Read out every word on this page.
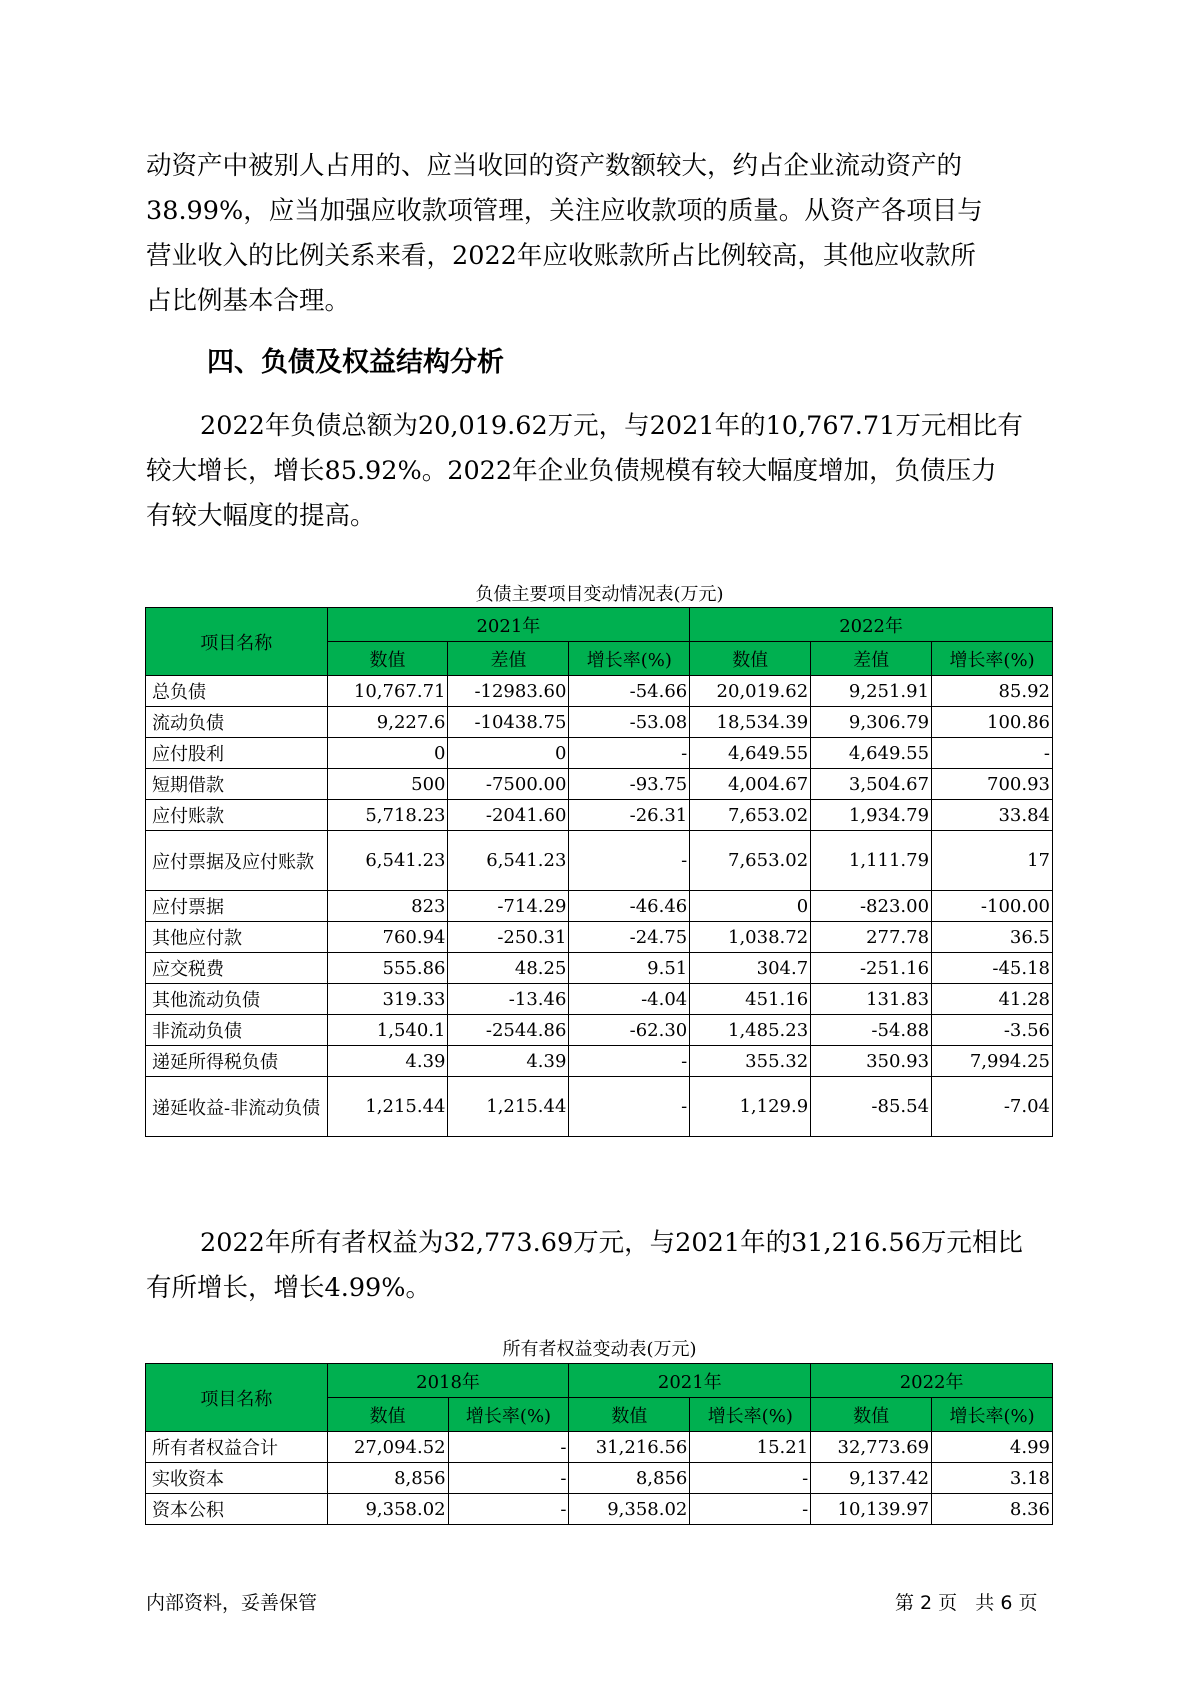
动资产中被别人占用的、应当收回的资产数额较大，约占企业流动资产的
38.99%，应当加强应收款项管理，关注应收款项的质量。从资产各项目与
营业收入的比例关系来看，2022年应收账款所占比例较高，其他应收款所
占比例基本合理。

四、负债及权益结构分析

2022年负债总额为20,019.62万元，与2021年的10,767.71万元相比有
较大增长，增长85.92%。2022年企业负债规模有较大幅度增加，负债压力
有较大幅度的提高。

负债主要项目变动情况表(万元)
项目名称	2021年			2022年		
	数值	差值	增长率(%)	数值	差值	增长率(%)
总负债	10,767.71	-12983.60	-54.66	20,019.62	9,251.91	85.92
流动负债	9,227.6	-10438.75	-53.08	18,534.39	9,306.79	100.86
应付股利	0	0	-	4,649.55	4,649.55	-
短期借款	500	-7500.00	-93.75	4,004.67	3,504.67	700.93
应付账款	5,718.23	-2041.60	-26.31	7,653.02	1,934.79	33.84
应付票据及应付账款	6,541.23	6,541.23	-	7,653.02	1,111.79	17
应付票据	823	-714.29	-46.46	0	-823.00	-100.00
其他应付款	760.94	-250.31	-24.75	1,038.72	277.78	36.5
应交税费	555.86	48.25	9.51	304.7	-251.16	-45.18
其他流动负债	319.33	-13.46	-4.04	451.16	131.83	41.28
非流动负债	1,540.1	-2544.86	-62.30	1,485.23	-54.88	-3.56
递延所得税负债	4.39	4.39	-	355.32	350.93	7,994.25
递延收益-非流动负债	1,215.44	1,215.44	-	1,129.9	-85.54	-7.04

2022年所有者权益为32,773.69万元，与2021年的31,216.56万元相比
有所增长，增长4.99%。

所有者权益变动表(万元)
项目名称	2018年		2021年		2022年	
	数值	增长率(%)	数值	增长率(%)	数值	增长率(%)
所有者权益合计	27,094.52	-	31,216.56	15.21	32,773.69	4.99
实收资本	8,856	-	8,856	-	9,137.42	3.18
资本公积	9,358.02	-	9,358.02	-	10,139.97	8.36
内部资料，妥善保管	第 2 页   共 6 页
